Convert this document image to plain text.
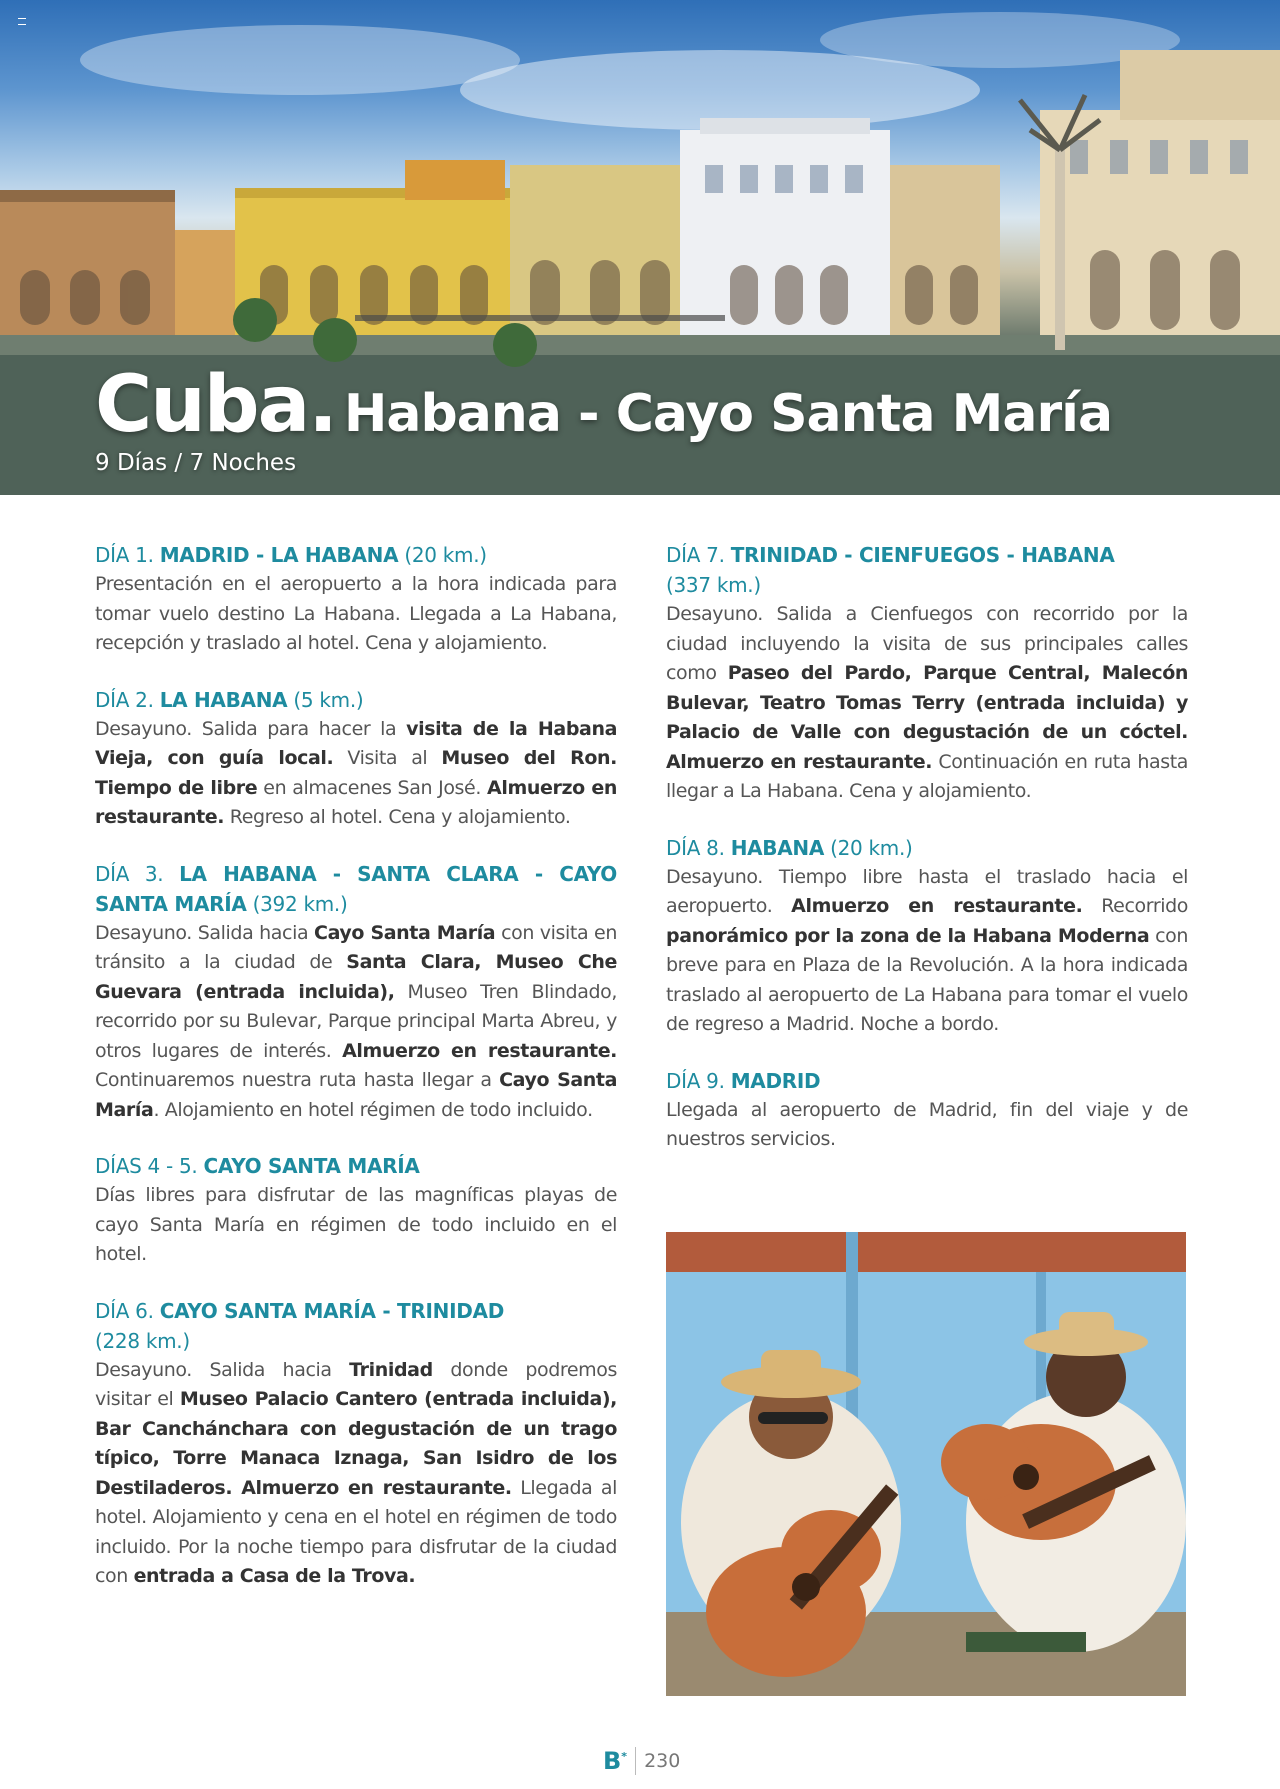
Cuba. Habana - Cayo Santa María
9 Días / 7 Noches
DÍA 1. MADRID - LA HABANA (20 km.)
Presentación en el aeropuerto a la hora indicada para tomar vuelo destino La Habana. Llegada a La Habana, recepción y traslado al hotel. Cena y alojamiento.
DÍA 2. LA HABANA (5 km.)
Desayuno. Salida para hacer la visita de la Habana Vieja, con guía local. Visita al Museo del Ron. Tiempo de libre en almacenes San José. Almuerzo en restaurante. Regreso al hotel. Cena y alojamiento.
DÍA 3. LA HABANA - SANTA CLARA - CAYO SANTA MARÍA (392 km.)
Desayuno. Salida hacia Cayo Santa María con visita en tránsito a la ciudad de Santa Clara, Museo Che Guevara (entrada incluida), Museo Tren Blindado, recorrido por su Bulevar, Parque principal Marta Abreu, y otros lugares de interés. Almuerzo en restaurante. Continuaremos nuestra ruta hasta llegar a Cayo Santa María. Alojamiento en hotel régimen de todo incluido.
DÍAS 4 - 5. CAYO SANTA MARÍA
Días libres para disfrutar de las magníficas playas de cayo Santa María en régimen de todo incluido en el hotel.
DÍA 6. CAYO SANTA MARÍA - TRINIDAD
(228 km.)
Desayuno. Salida hacia Trinidad donde podremos visitar el Museo Palacio Cantero (entrada incluida), Bar Canchánchara con degustación de un trago típico, Torre Manaca Iznaga, San Isidro de los Destiladeros. Almuerzo en restaurante. Llegada al hotel. Alojamiento y cena en el hotel en régimen de todo incluido. Por la noche tiempo para disfrutar de la ciudad con entrada a Casa de la Trova.
DÍA 7. TRINIDAD - CIENFUEGOS - HABANA
(337 km.)
Desayuno. Salida a Cienfuegos con recorrido por la ciudad incluyendo la visita de sus principales calles como Paseo del Pardo, Parque Central, Malecón Bulevar, Teatro Tomas Terry (entrada incluida) y Palacio de Valle con degustación de un cóctel. Almuerzo en restaurante. Continuación en ruta hasta llegar a La Habana. Cena y alojamiento.
DÍA 8. HABANA (20 km.)
Desayuno. Tiempo libre hasta el traslado hacia el aeropuerto. Almuerzo en restaurante. Recorrido panorámico por la zona de la Habana Moderna con breve para en Plaza de la Revolución. A la hora indicada traslado al aeropuerto de La Habana para tomar el vuelo de regreso a Madrid. Noche a bordo.
DÍA 9. MADRID
Llegada al aeropuerto de Madrid, fin del viaje y de nuestros servicios.
B* 230
